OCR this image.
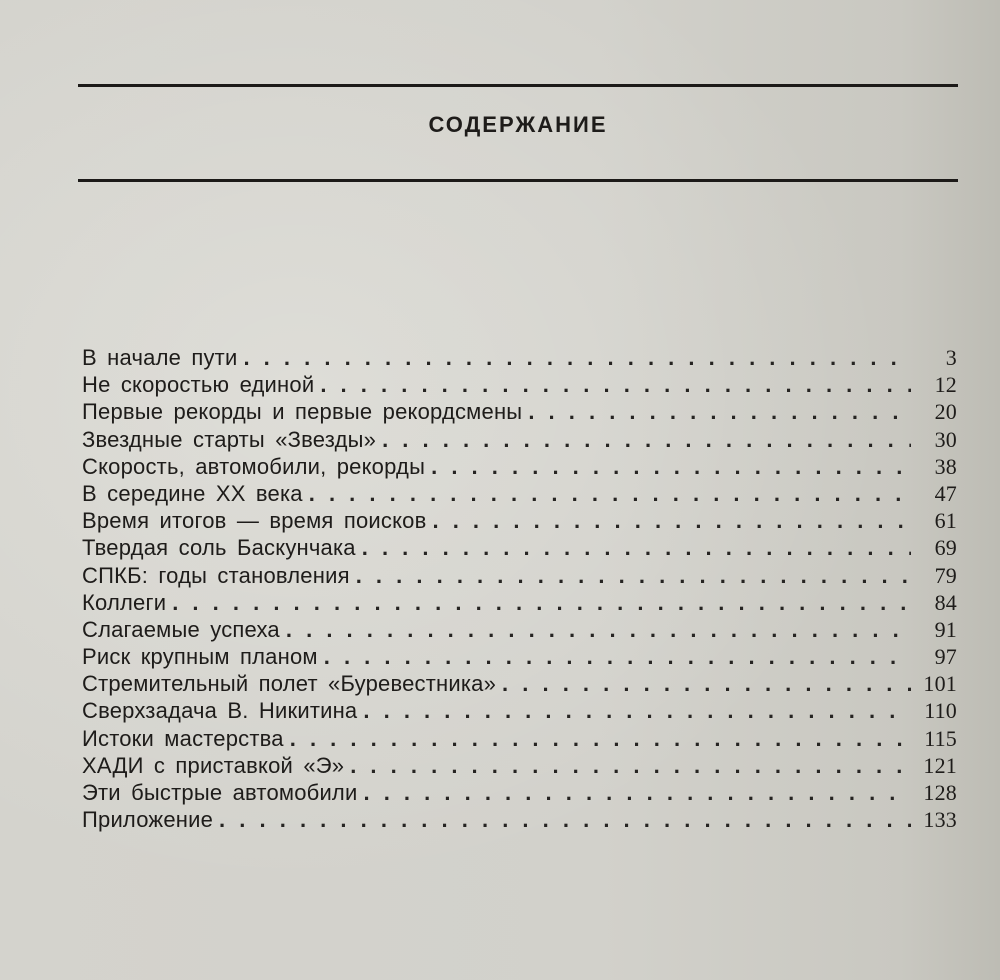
СОДЕРЖАНИЕ
В начале пути . . .	3
Не скоростью единой . . .	12
Первые рекорды и первые рекордсмены . . .	20
Звездные старты «Звезды» . . .	30
Скорость, автомобили, рекорды . . .	38
В середине XX века . . .	47
Время итогов — время поисков . . .	61
Твердая соль Баскунчака . . .	69
СПКБ: годы становления . . .	79
Коллеги . . .	84
Слагаемые успеха . . .	91
Риск крупным планом . . .	97
Стремительный полет «Буревестника» . . .	101
Сверхзадача В. Никитина . . .	110
Истоки мастерства . . .	115
ХАДИ с приставкой «Э» . . .	121
Эти быстрые автомобили . . .	128
Приложение . . .	133
